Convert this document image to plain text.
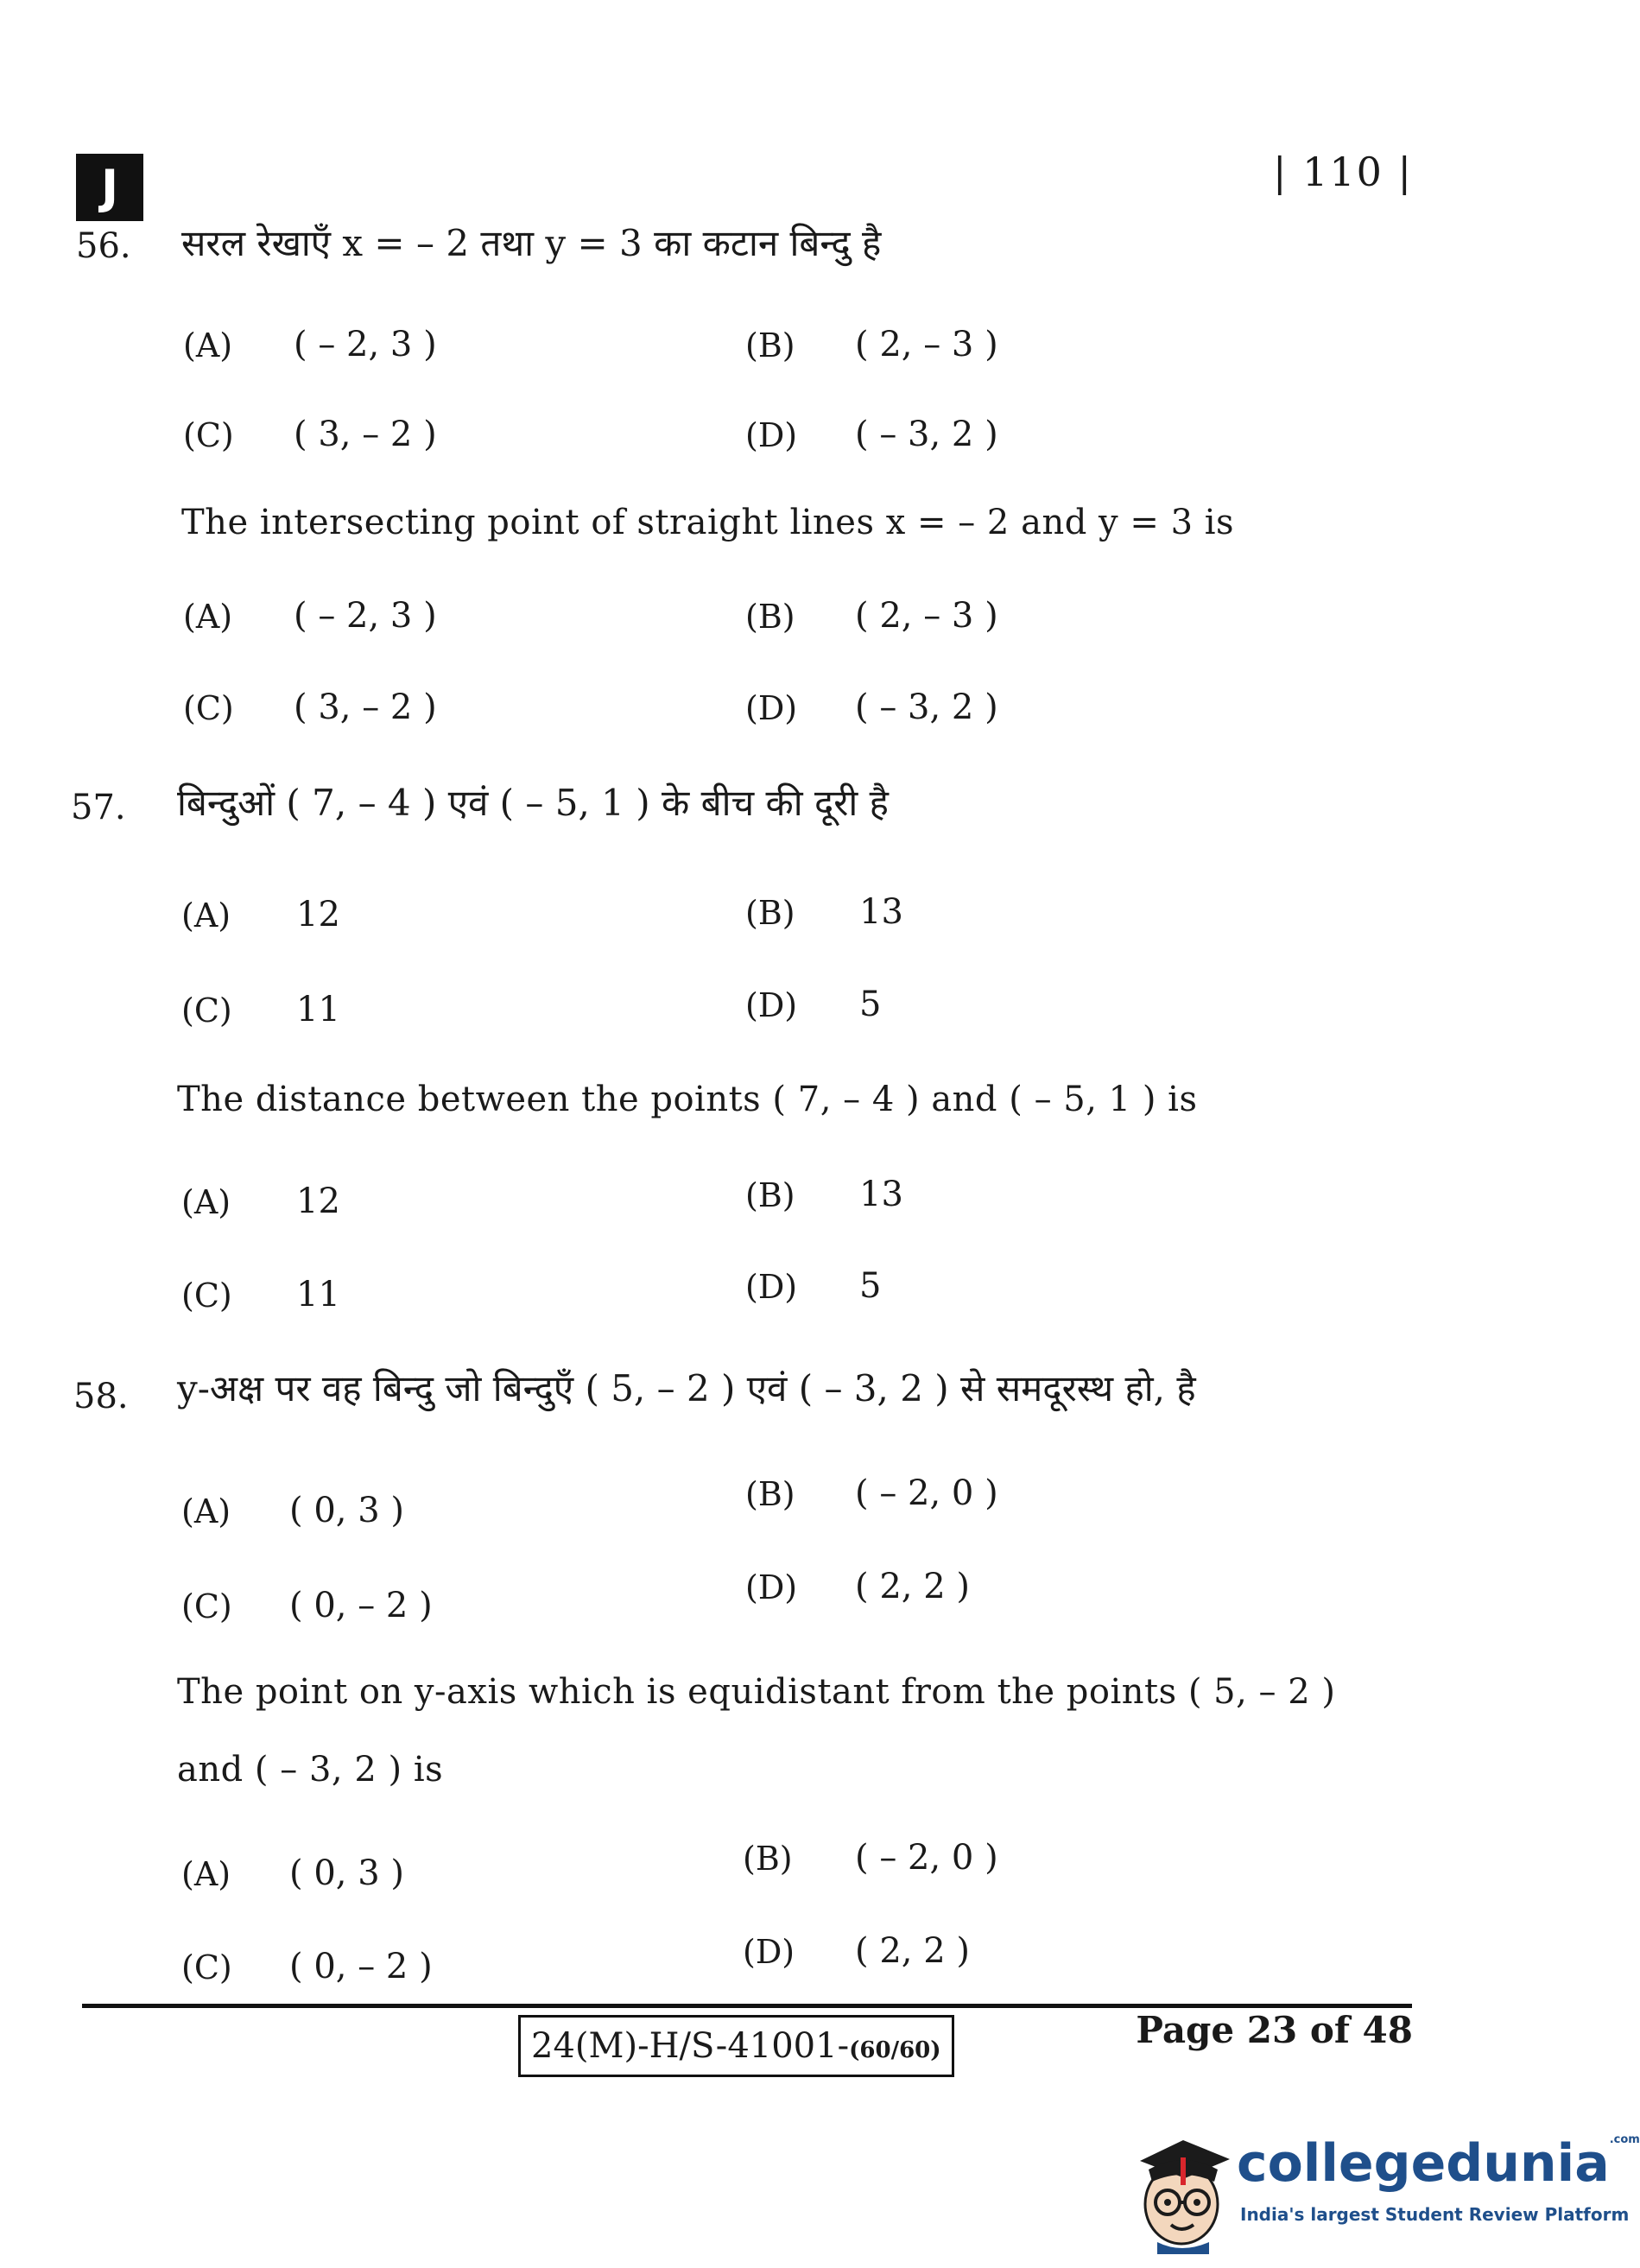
J	| 110 |
56. सरल रेखाएँ x = – 2 तथा y = 3 का कटान बिन्दु है
(A) ( – 2, 3 )	(B) ( 2, – 3 )
(C) ( 3, – 2 )	(D) ( – 3, 2 )
The intersecting point of straight lines x = – 2 and y = 3 is
(A) ( – 2, 3 )	(B) ( 2, – 3 )
(C) ( 3, – 2 )	(D) ( – 3, 2 )
57. बिन्दुओं ( 7, – 4 ) एवं ( – 5, 1 ) के बीच की दूरी है
(A) 12	(B) 13
(C) 11	(D) 5
The distance between the points ( 7, – 4 ) and ( – 5, 1 ) is
(A) 12	(B) 13
(C) 11	(D) 5
58. y-अक्ष पर वह बिन्दु जो बिन्दुएँ ( 5, – 2 ) एवं ( – 3, 2 ) से समदूरस्थ हो, है
(A) ( 0, 3 )	(B) ( – 2, 0 )
(C) ( 0, – 2 )	(D) ( 2, 2 )
The point on y-axis which is equidistant from the points ( 5, – 2 )
and ( – 3, 2 ) is
(A) ( 0, 3 )	(B) ( – 2, 0 )
(C) ( 0, – 2 )	(D) ( 2, 2 )
24(M)-H/S-41001-(60/60)	Page 23 of 48
collegedunia$^{.com}$
India's largest Student Review Platform
